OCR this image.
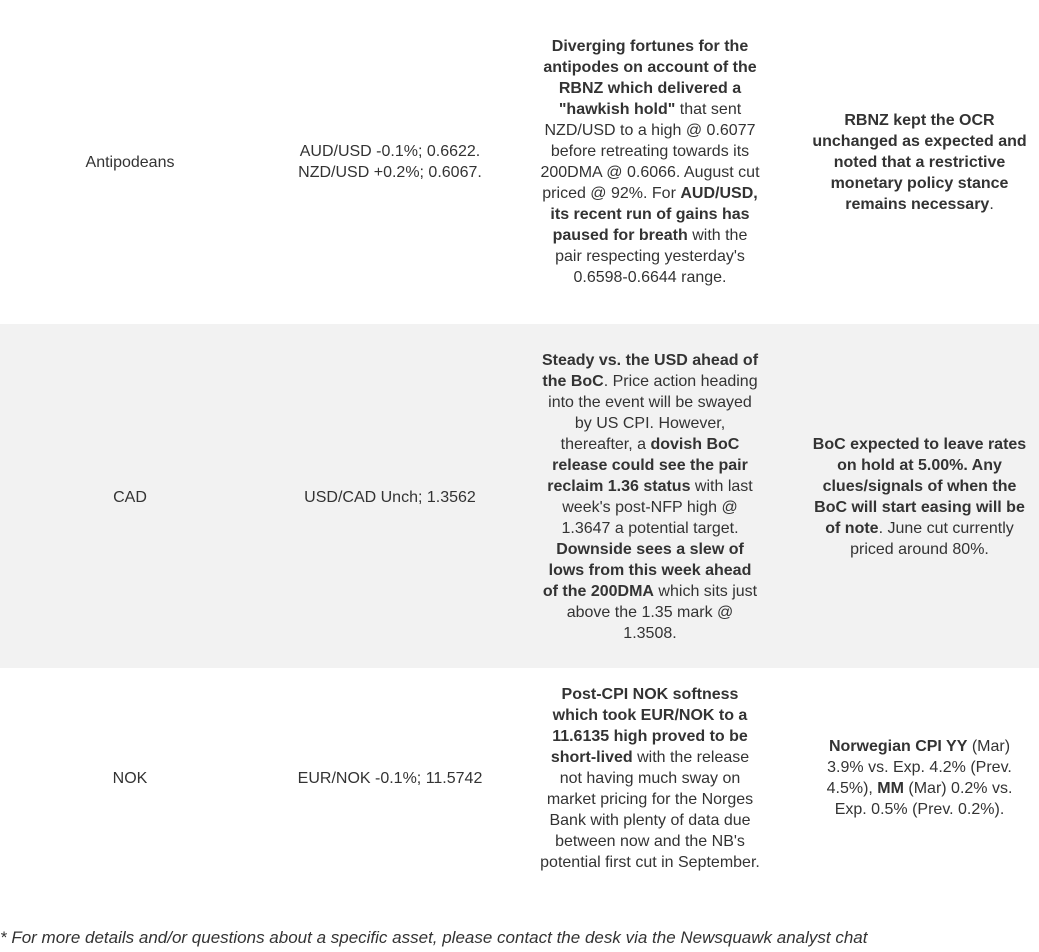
Antipodeans
AUD/USD -0.1%; 0.6622.
NZD/USD +0.2%; 0.6067.
Diverging fortunes for the antipodes on account of the RBNZ which delivered a "hawkish hold" that sent NZD/USD to a high @ 0.6077 before retreating towards its 200DMA @ 0.6066. August cut priced @ 92%. For AUD/USD, its recent run of gains has paused for breath with the pair respecting yesterday's 0.6598-0.6644 range.
RBNZ kept the OCR unchanged as expected and noted that a restrictive monetary policy stance remains necessary.
CAD	USD/CAD Unch; 1.3562
Steady vs. the USD ahead of the BoC. Price action heading into the event will be swayed by US CPI. However, thereafter, a dovish BoC release could see the pair reclaim 1.36 status with last week's post-NFP high @ 1.3647 a potential target. Downside sees a slew of lows from this week ahead of the 200DMA which sits just above the 1.35 mark @ 1.3508.
BoC expected to leave rates on hold at 5.00%. Any clues/signals of when the BoC will start easing will be of note. June cut currently priced around 80%.
NOK	EUR/NOK -0.1%; 11.5742
Post-CPI NOK softness which took EUR/NOK to a 11.6135 high proved to be short-lived with the release not having much sway on market pricing for the Norges Bank with plenty of data due between now and the NB's potential first cut in September.
Norwegian CPI YY (Mar) 3.9% vs. Exp. 4.2% (Prev. 4.5%), MM (Mar) 0.2% vs. Exp. 0.5% (Prev. 0.2%).
* For more details and/or questions about a specific asset, please contact the desk via the Newsquawk analyst chat
